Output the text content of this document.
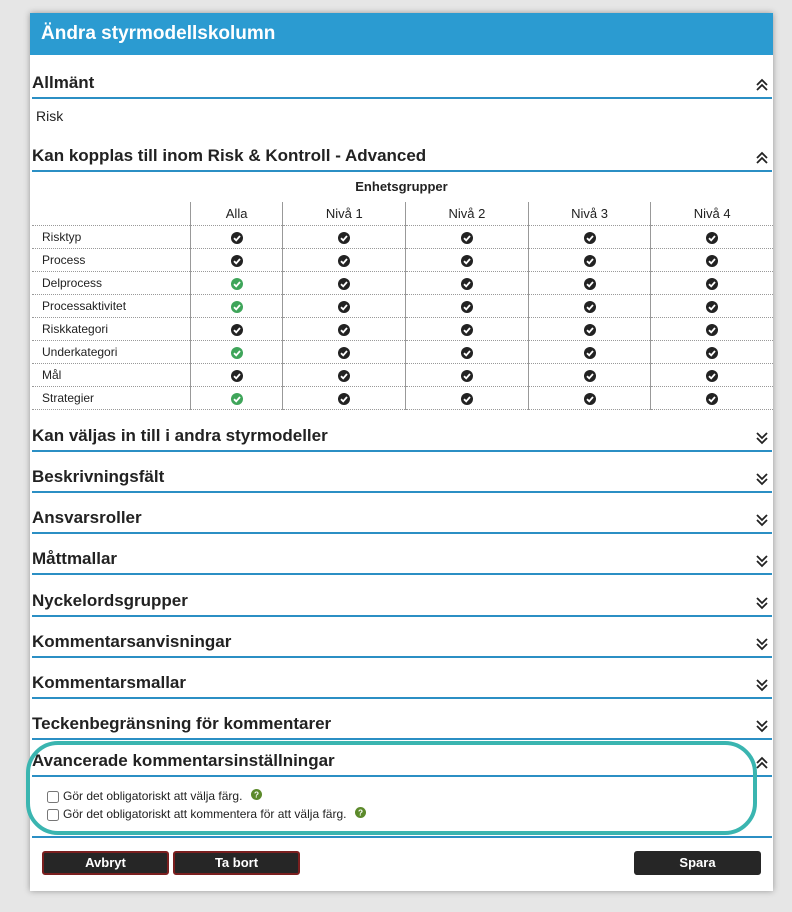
Ändra styrmodellskolumn
Allmänt
Risk
Kan kopplas till inom Risk & Kontroll - Advanced
Enhetsgrupper
	Alla	Nivå 1	Nivå 2	Nivå 3	Nivå 4
Risktyp					
Process					
Delprocess					
Processaktivitet					
Riskkategori					
Underkategori					
Mål					
Strategier					
Kan väljas in till i andra styrmodeller
Beskrivningsfält
Ansvarsroller
Måttmallar
Nyckelordsgrupper
Kommentarsanvisningar
Kommentarsmallar
Teckenbegränsning för kommentarer
Avancerade kommentarsinställningar
Gör det obligatoriskt att välja färg. ?
Gör det obligatoriskt att kommentera för att välja färg. ?
Avbryt	Ta bort	Spara
